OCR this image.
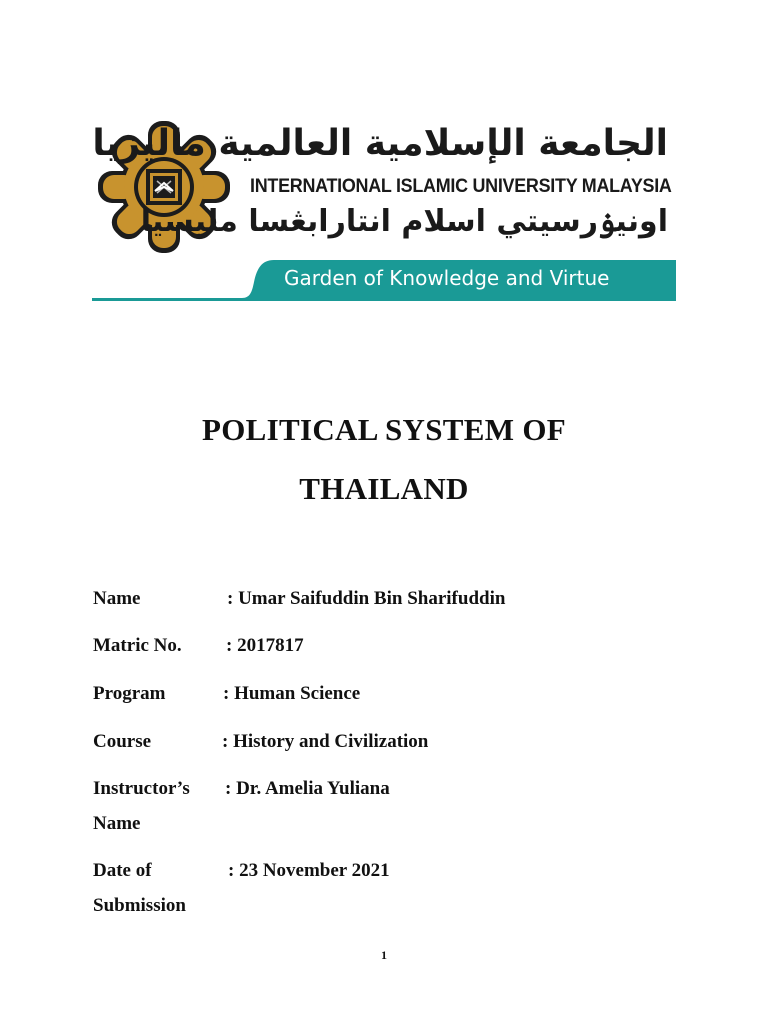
الجامعة الإسلامية العالمية ماليزيا
INTERNATIONAL ISLAMIC UNIVERSITY MALAYSIA
اونيۏرسيتي اسلام انتارابڠسا مليسيا
Garden of Knowledge and Virtue
POLITICAL SYSTEM OF
THAILAND
Name	: Umar Saifuddin Bin Sharifuddin
Matric No. : 2017817
Program	: Human Science
Course	: History and Civilization
Instructor’s
Name
: Dr. Amelia Yuliana
Date of
Submission
: 23 November 2021
1
